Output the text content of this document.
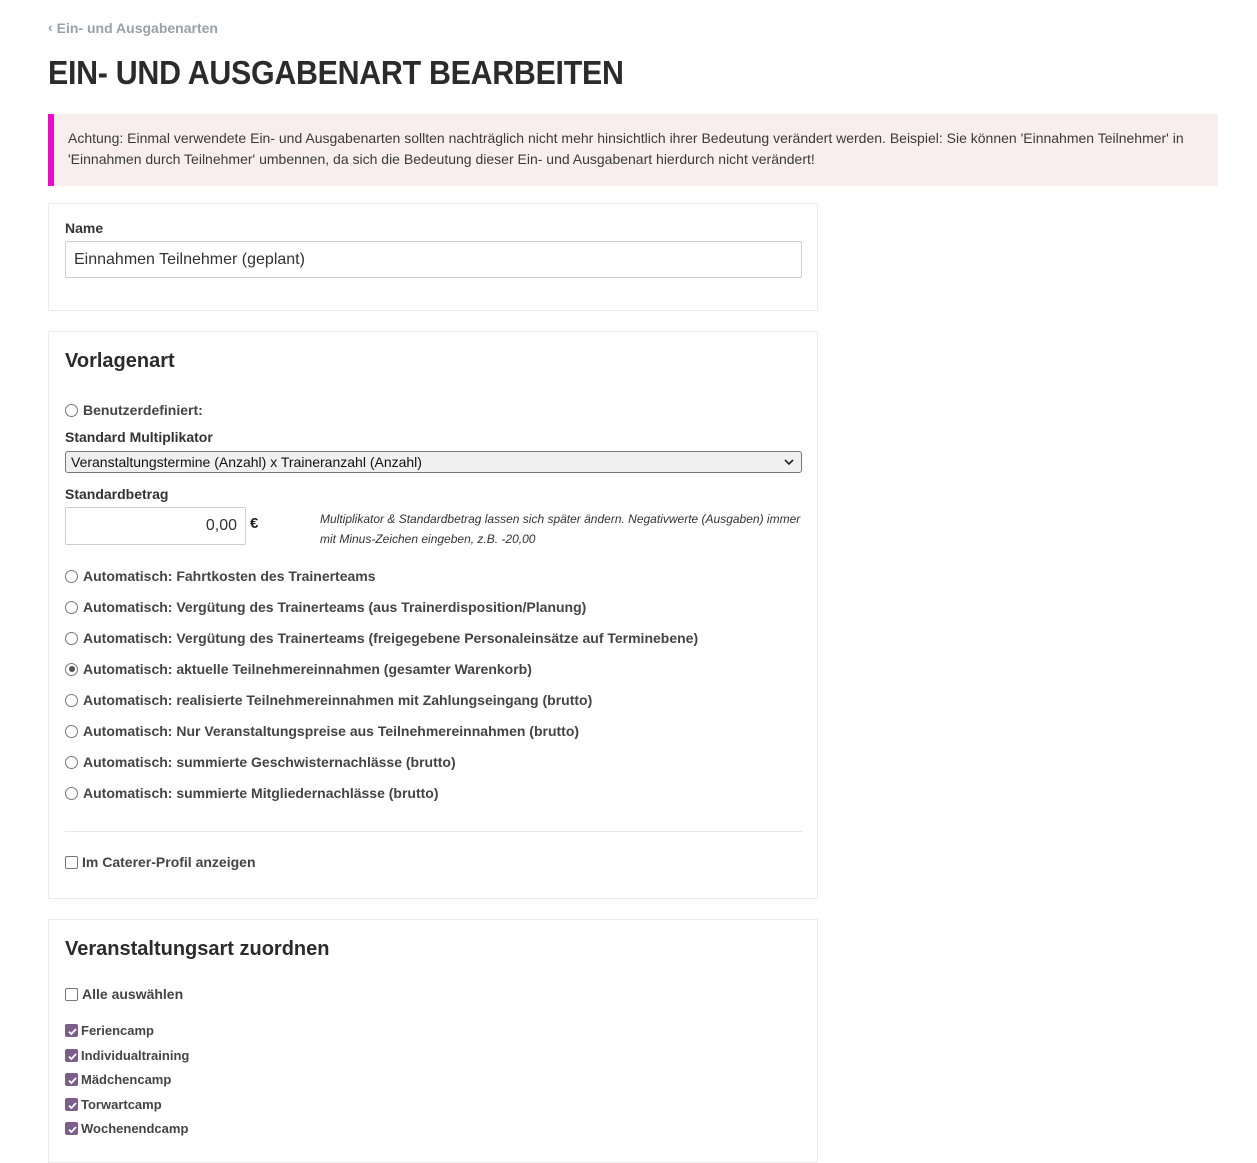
‹ Ein- und Ausgabenarten
EIN- UND AUSGABENART BEARBEITEN
Achtung: Einmal verwendete Ein- und Ausgabenarten sollten nachträglich nicht mehr hinsichtlich ihrer Bedeutung verändert werden. Beispiel: Sie können 'Einnahmen Teilnehmer' in 'Einnahmen durch Teilnehmer' umbennen, da sich die Bedeutung dieser Ein- und Ausgabenart hierdurch nicht verändert!
Name
Einnahmen Teilnehmer (geplant)
Vorlagenart
Benutzerdefiniert:
Standard Multiplikator
Veranstaltungstermine (Anzahl) x Traineranzahl (Anzahl)
Standardbetrag
0,00
€	Multiplikator & Standardbetrag lassen sich später ändern. Negativwerte (Ausgaben) immer mit Minus-Zeichen eingeben, z.B. -20,00
Automatisch: Fahrtkosten des Trainerteams
Automatisch: Vergütung des Trainerteams (aus Trainerdisposition/Planung)
Automatisch: Vergütung des Trainerteams (freigegebene Personaleinsätze auf Terminebene)
Automatisch: aktuelle Teilnehmereinnahmen (gesamter Warenkorb)
Automatisch: realisierte Teilnehmereinnahmen mit Zahlungseingang (brutto)
Automatisch: Nur Veranstaltungspreise aus Teilnehmereinnahmen (brutto)
Automatisch: summierte Geschwisternachlässe (brutto)
Automatisch: summierte Mitgliedernachlässe (brutto)
Im Caterer-Profil anzeigen
Veranstaltungsart zuordnen
Alle auswählen
Feriencamp
Individualtraining
Mädchencamp
Torwartcamp
Wochenendcamp
